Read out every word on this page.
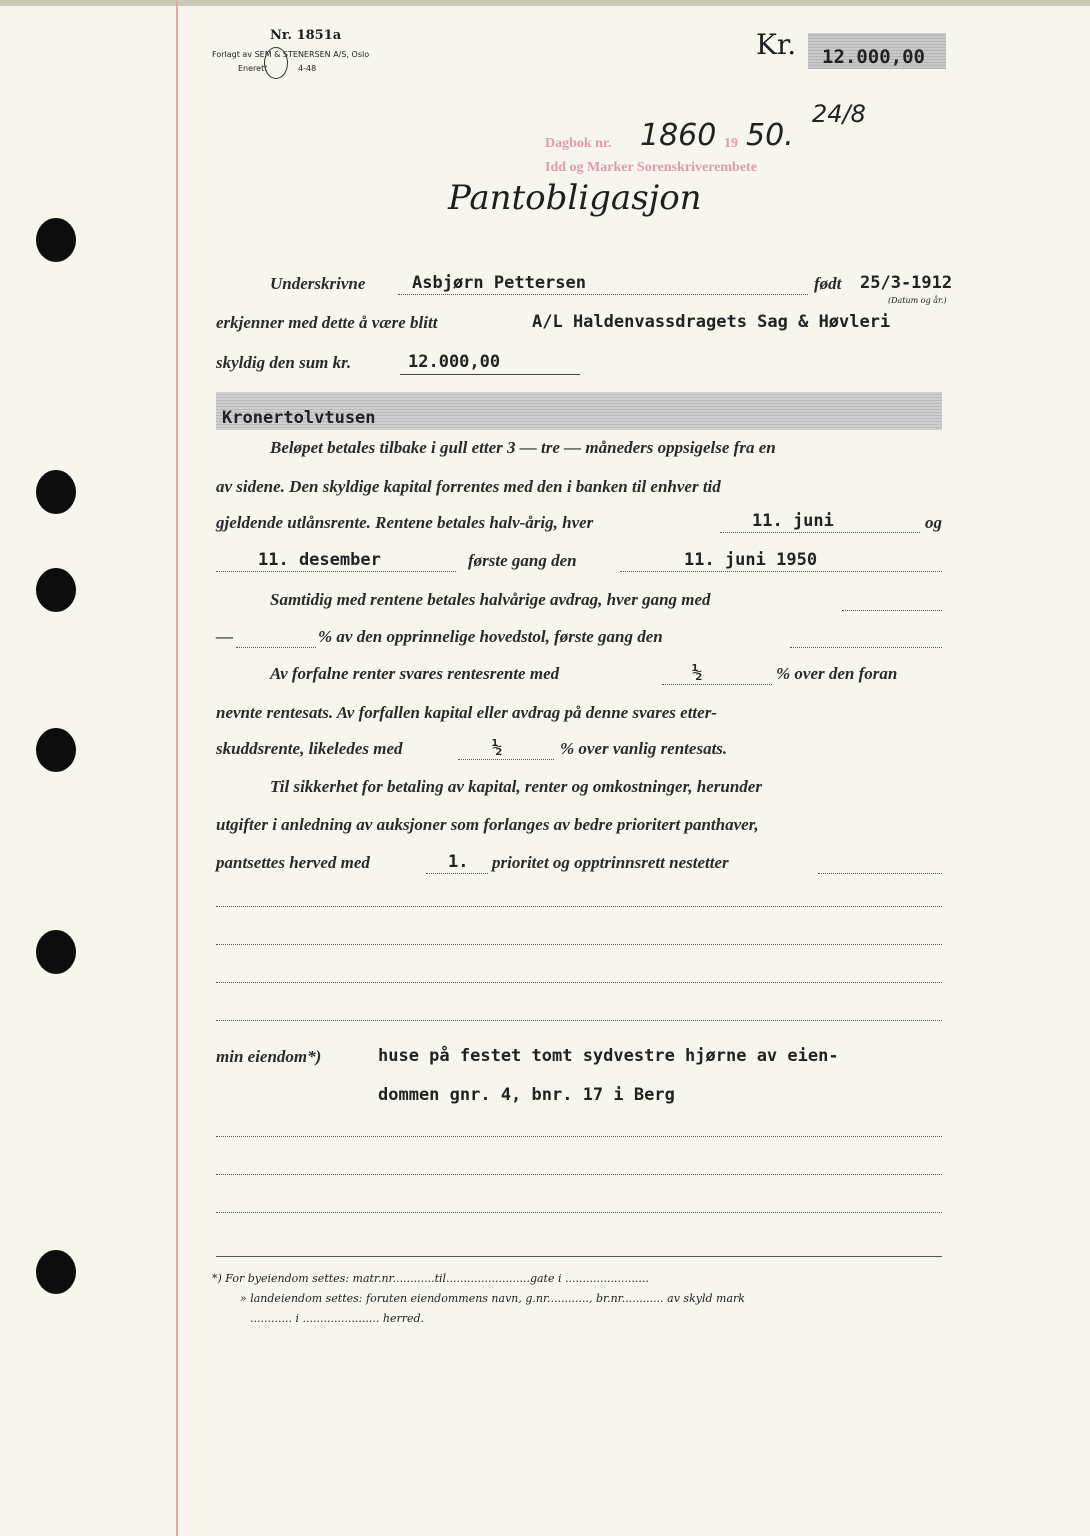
Nr. 1851a
Forlagt av SEM & STENERSEN A/S, Oslo
Enerett	4-48
Kr. 12.000,00
Dagbok nr. 1860 19 50.
24/8
Idd og Marker Sorenskriverembete
Pantobligasjon
Underskrivne	Asbjørn Pettersen	født 25/3-1912
(Datum og år.)
erkjenner med dette å være blitt	A/L Haldenvassdragets Sag & Høvleri
skyldig den sum kr.	12.000,00
Kronertolvtusen
Beløpet betales tilbake i gull etter 3 — tre — måneders oppsigelse fra en
av sidene. Den skyldige kapital forrentes med den i banken til enhver tid
gjeldende utlånsrente. Rentene betales halv-årig, hver	11. juni	og
11. desember	første gang den	11. juni 1950
Samtidig med rentene betales halvårige avdrag, hver gang med
—	% av den opprinnelige hovedstol, første gang den
Av forfalne renter svares rentesrente med	½	% over den foran
nevnte rentesats. Av forfallen kapital eller avdrag på denne svares etter-
skuddsrente, likeledes med	½	% over vanlig rentesats.
Til sikkerhet for betaling av kapital, renter og omkostninger, herunder
utgifter i anledning av auksjoner som forlanges av bedre prioritert panthaver,
pantsettes herved med	1. prioritet og opptrinnsrett nestetter
min eiendom*)	huse på festet tomt sydvestre hjørne av eien-
dommen gnr. 4, bnr. 17 i Berg
*) For byeiendom settes: matr.nr............til........................gate i ........................
» landeiendom settes: foruten eiendommens navn, g.nr............, br.nr............ av skyld mark
............ i ...................... herred.
